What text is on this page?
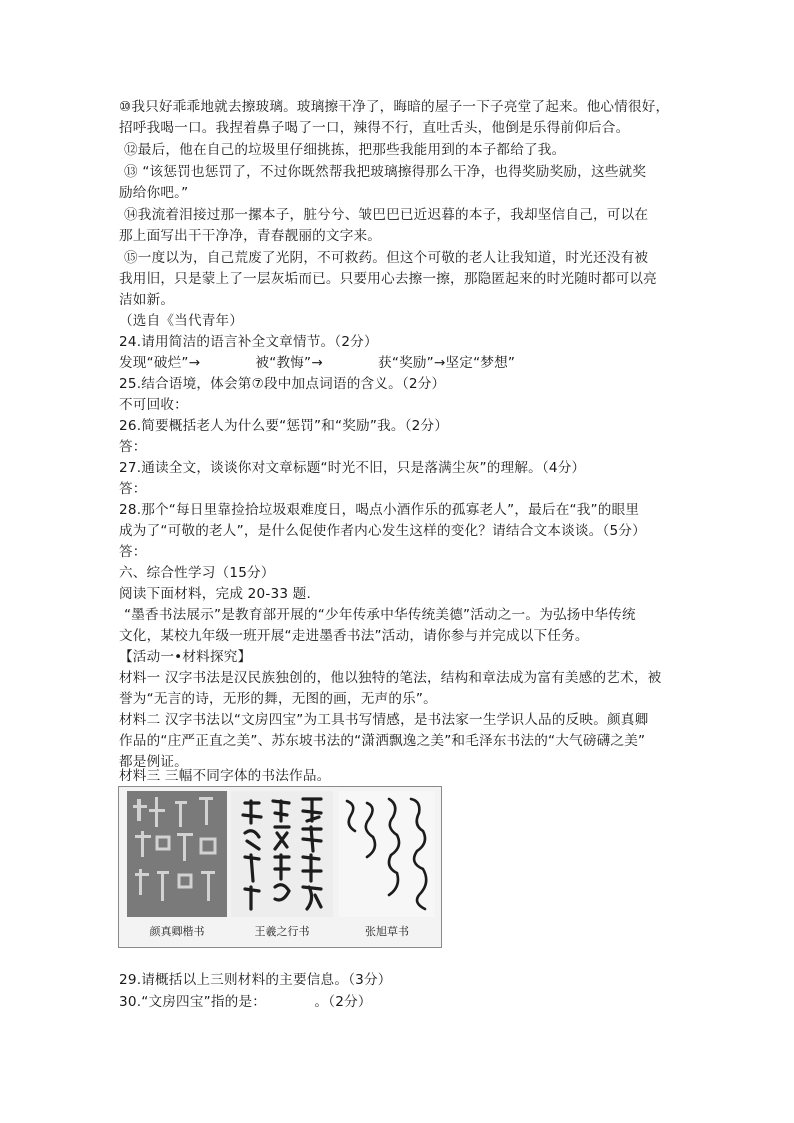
⑩我只好乖乖地就去擦玻璃。玻璃擦干净了，晦暗的屋子一下子亮堂了起来。他心情很好，
招呼我喝一口。我捏着鼻子喝了一口，辣得不行，直吐舌头，他倒是乐得前仰后合。
⑫最后，他在自己的垃圾里仔细挑拣，把那些我能用到的本子都给了我。
⑬ “该惩罚也惩罚了，不过你既然帮我把玻璃擦得那么干净，也得奖励奖励，这些就奖
励给你吧。”
⑭我流着泪接过那一摞本子，脏兮兮、皱巴巴已近迟暮的本子，我却坚信自己，可以在
那上面写出干干净净，青春靓丽的文字来。
⑮一度以为，自己荒废了光阴，不可救药。但这个可敬的老人让我知道，时光还没有被
我用旧，只是蒙上了一层灰垢而已。只要用心去擦一擦，那隐匿起来的时光随时都可以亮
洁如新。
（选自《当代青年）
24.请用简洁的语言补全文章情节。（2分）
发现“破烂”→　　　　被“教悔”→　　　　获“奖励”→坚定“梦想”
25.结合语境，体会第⑦段中加点词语的含义。（2分）
不可回收：
26.简要概括老人为什么要“惩罚”和“奖励”我。（2分）
答：
27.通读全文，谈谈你对文章标题“时光不旧，只是落满尘灰”的理解。（4分）
答：
28.那个“每日里靠捡拾垃圾艰难度日，喝点小酒作乐的孤寡老人”，最后在“我”的眼里
成为了“可敬的老人”，是什么促使作者内心发生这样的变化？请结合文本谈谈。（5分）
答：
六、综合性学习（15分）
阅读下面材料，完成 20-33 题.
“墨香书法展示”是教育部开展的“少年传承中华传统美德”活动之一。为弘扬中华传统
文化，某校九年级一班开展“走进墨香书法”活动，请你参与并完成以下任务。
【活动一•材料探究】
材料一 汉字书法是汉民族独创的，他以独特的笔法，结构和章法成为富有美感的艺术，被
誉为“无言的诗，无形的舞，无图的画，无声的乐”。
材料二 汉字书法以“文房四宝”为工具书写情感，是书法家一生学识人品的反映。颜真卿
作品的“庄严正直之美”、苏东坡书法的“潇洒飘逸之美”和毛泽东书法的“大气磅礴之美”
都是例证。
材料三 三幅不同字体的书法作品。
颜真卿楷书	王羲之行书	张旭草书
29.请概括以上三则材料的主要信息。（3分）
30.“文房四宝”指的是：　　　　。（2分）
